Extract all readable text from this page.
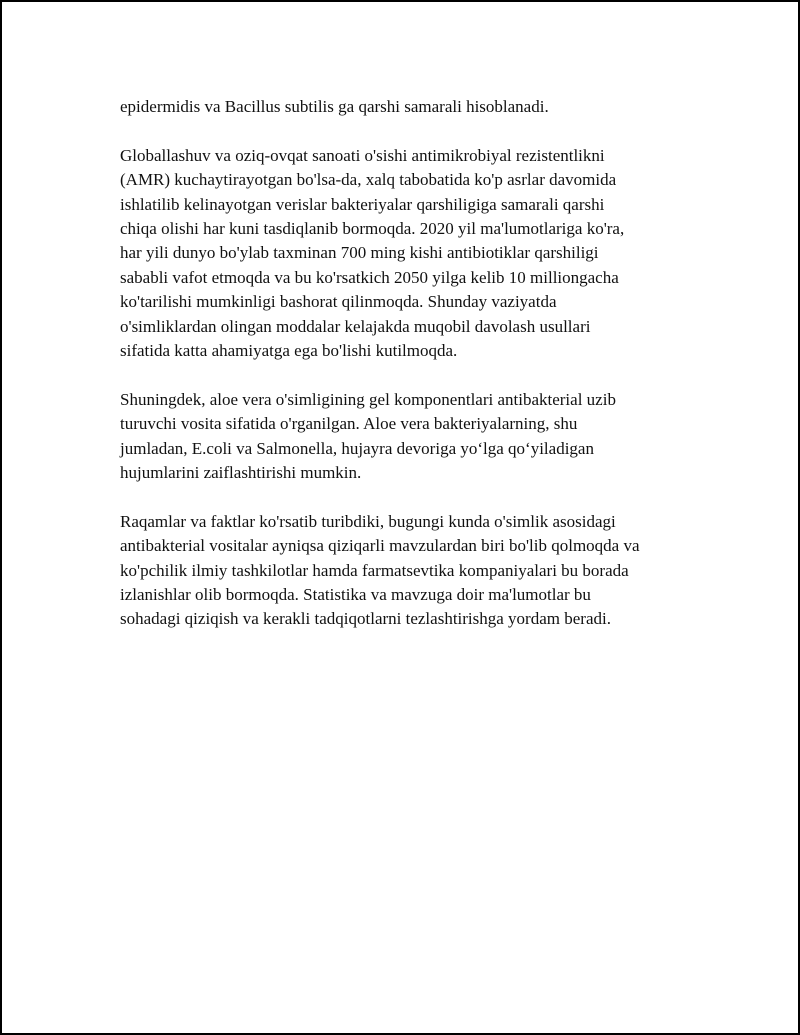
epidermidis va Bacillus subtilis ga qarshi samarali hisoblanadi.

Globallashuv va oziq-ovqat sanoati o'sishi antimikrobiyal rezistentlikni
(AMR) kuchaytirayotgan bo'lsa-da, xalq tabobatida ko'p asrlar davomida
ishlatilib kelinayotgan verislar bakteriyalar qarshiligiga samarali qarshi
chiqa olishi har kuni tasdiqlanib bormoqda. 2020 yil ma'lumotlariga ko'ra,
har yili dunyo bo'ylab taxminan 700 ming kishi antibiotiklar qarshiligi
sababli vafot etmoqda va bu ko'rsatkich 2050 yilga kelib 10 milliongacha
ko'tarilishi mumkinligi bashorat qilinmoqda. Shunday vaziyatda
o'simliklardan olingan moddalar kelajakda muqobil davolash usullari
sifatida katta ahamiyatga ega bo'lishi kutilmoqda.

Shuningdek, aloe vera o'simligining gel komponentlari antibakterial uzib
turuvchi vosita sifatida o'rganilgan. Aloe vera bakteriyalarning, shu
jumladan, E.coli va Salmonella, hujayra devoriga yo‘lga qo‘yiladigan
hujumlarini zaiflashtirishi mumkin.

Raqamlar va faktlar ko'rsatib turibdiki, bugungi kunda o'simlik asosidagi
antibakterial vositalar ayniqsa qiziqarli mavzulardan biri bo'lib qolmoqda va
ko'pchilik ilmiy tashkilotlar hamda farmatsevtika kompaniyalari bu borada
izlanishlar olib bormoqda. Statistika va mavzuga doir ma'lumotlar bu
sohadagi qiziqish va kerakli tadqiqotlarni tezlashtirishga yordam beradi.
